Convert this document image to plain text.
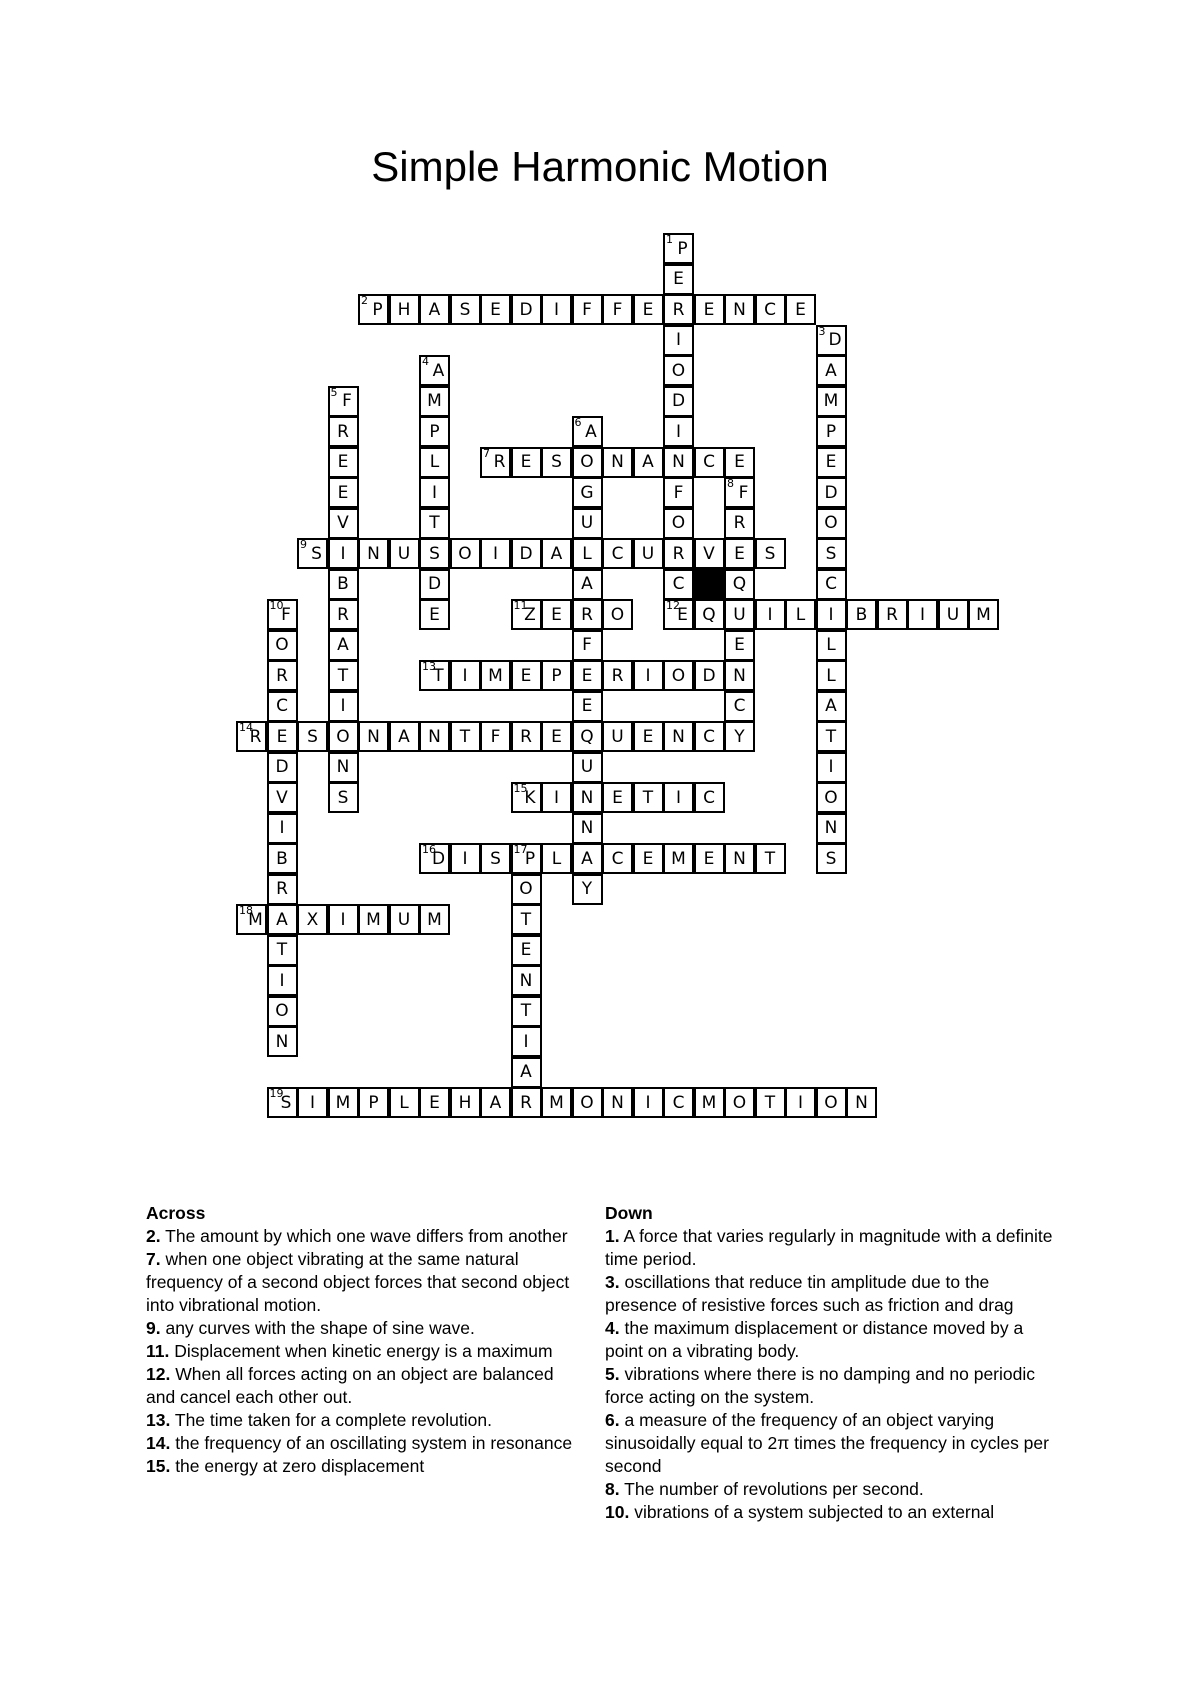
Simple Harmonic Motion
1 P
E
R
I
O
D
I
N
F
O
R
C
12
E
2 P H	A	S	E	D	I	F	F	E	E	N	C	E
3 D
A
M
P
E
D
O
S
C
I
L
L
A
T
I
O
N
S
4 A
M
P
L
I
T
S
D
E
5 F
R
E
E
V
I
B
R
A
T
I
O
N
S
6 A
O
G
U
L
A
R
F
E
E
Q
U
N
N
A
Y
7 R E	S	N	A	C	E
8 F
R
E
Q
U
E
N
C
Y
9 S	N	U	O	I	D	A	C	U	V	S
10
F
O
R
C
E
D
V
I
B
R
A
T
I
O
N
11
Z E	O	Q	I	L	B	R	I	U M
13
T	I	M	E	P	R	I	O	D
14
R	S	N	A	N	T	F	R	E	U	E	N	C
15
K	I	E	T	I	C
16
D	I	S	17
P L	C	E	M	E	N	T
O
T
E
N
T
I
A
R
18
M	X	I	M U M
19
S	I	M	P	L	E	H	A	M O	N	I	C	M O	T	I	O	N
Across
2. The amount by which one wave differs from another
7. when one object vibrating at the same natural frequency of a second object forces that second object into vibrational motion.
9. any curves with the shape of sine wave.
11. Displacement when kinetic energy is a maximum
12. When all forces acting on an object are balanced and cancel each other out.
13. The time taken for a complete revolution.
14. the frequency of an oscillating system in resonance
15. the energy at zero displacement
Down
1. A force that varies regularly in magnitude with a definite time period.
3. oscillations that reduce tin amplitude due to the presence of resistive forces such as friction and drag
4. the maximum displacement or distance moved by a point on a vibrating body.
5. vibrations where there is no damping and no periodic force acting on the system.
6. a measure of the frequency of an object varying sinusoidally equal to 2π times the frequency in cycles per second
8. The number of revolutions per second.
10. vibrations of a system subjected to an external
